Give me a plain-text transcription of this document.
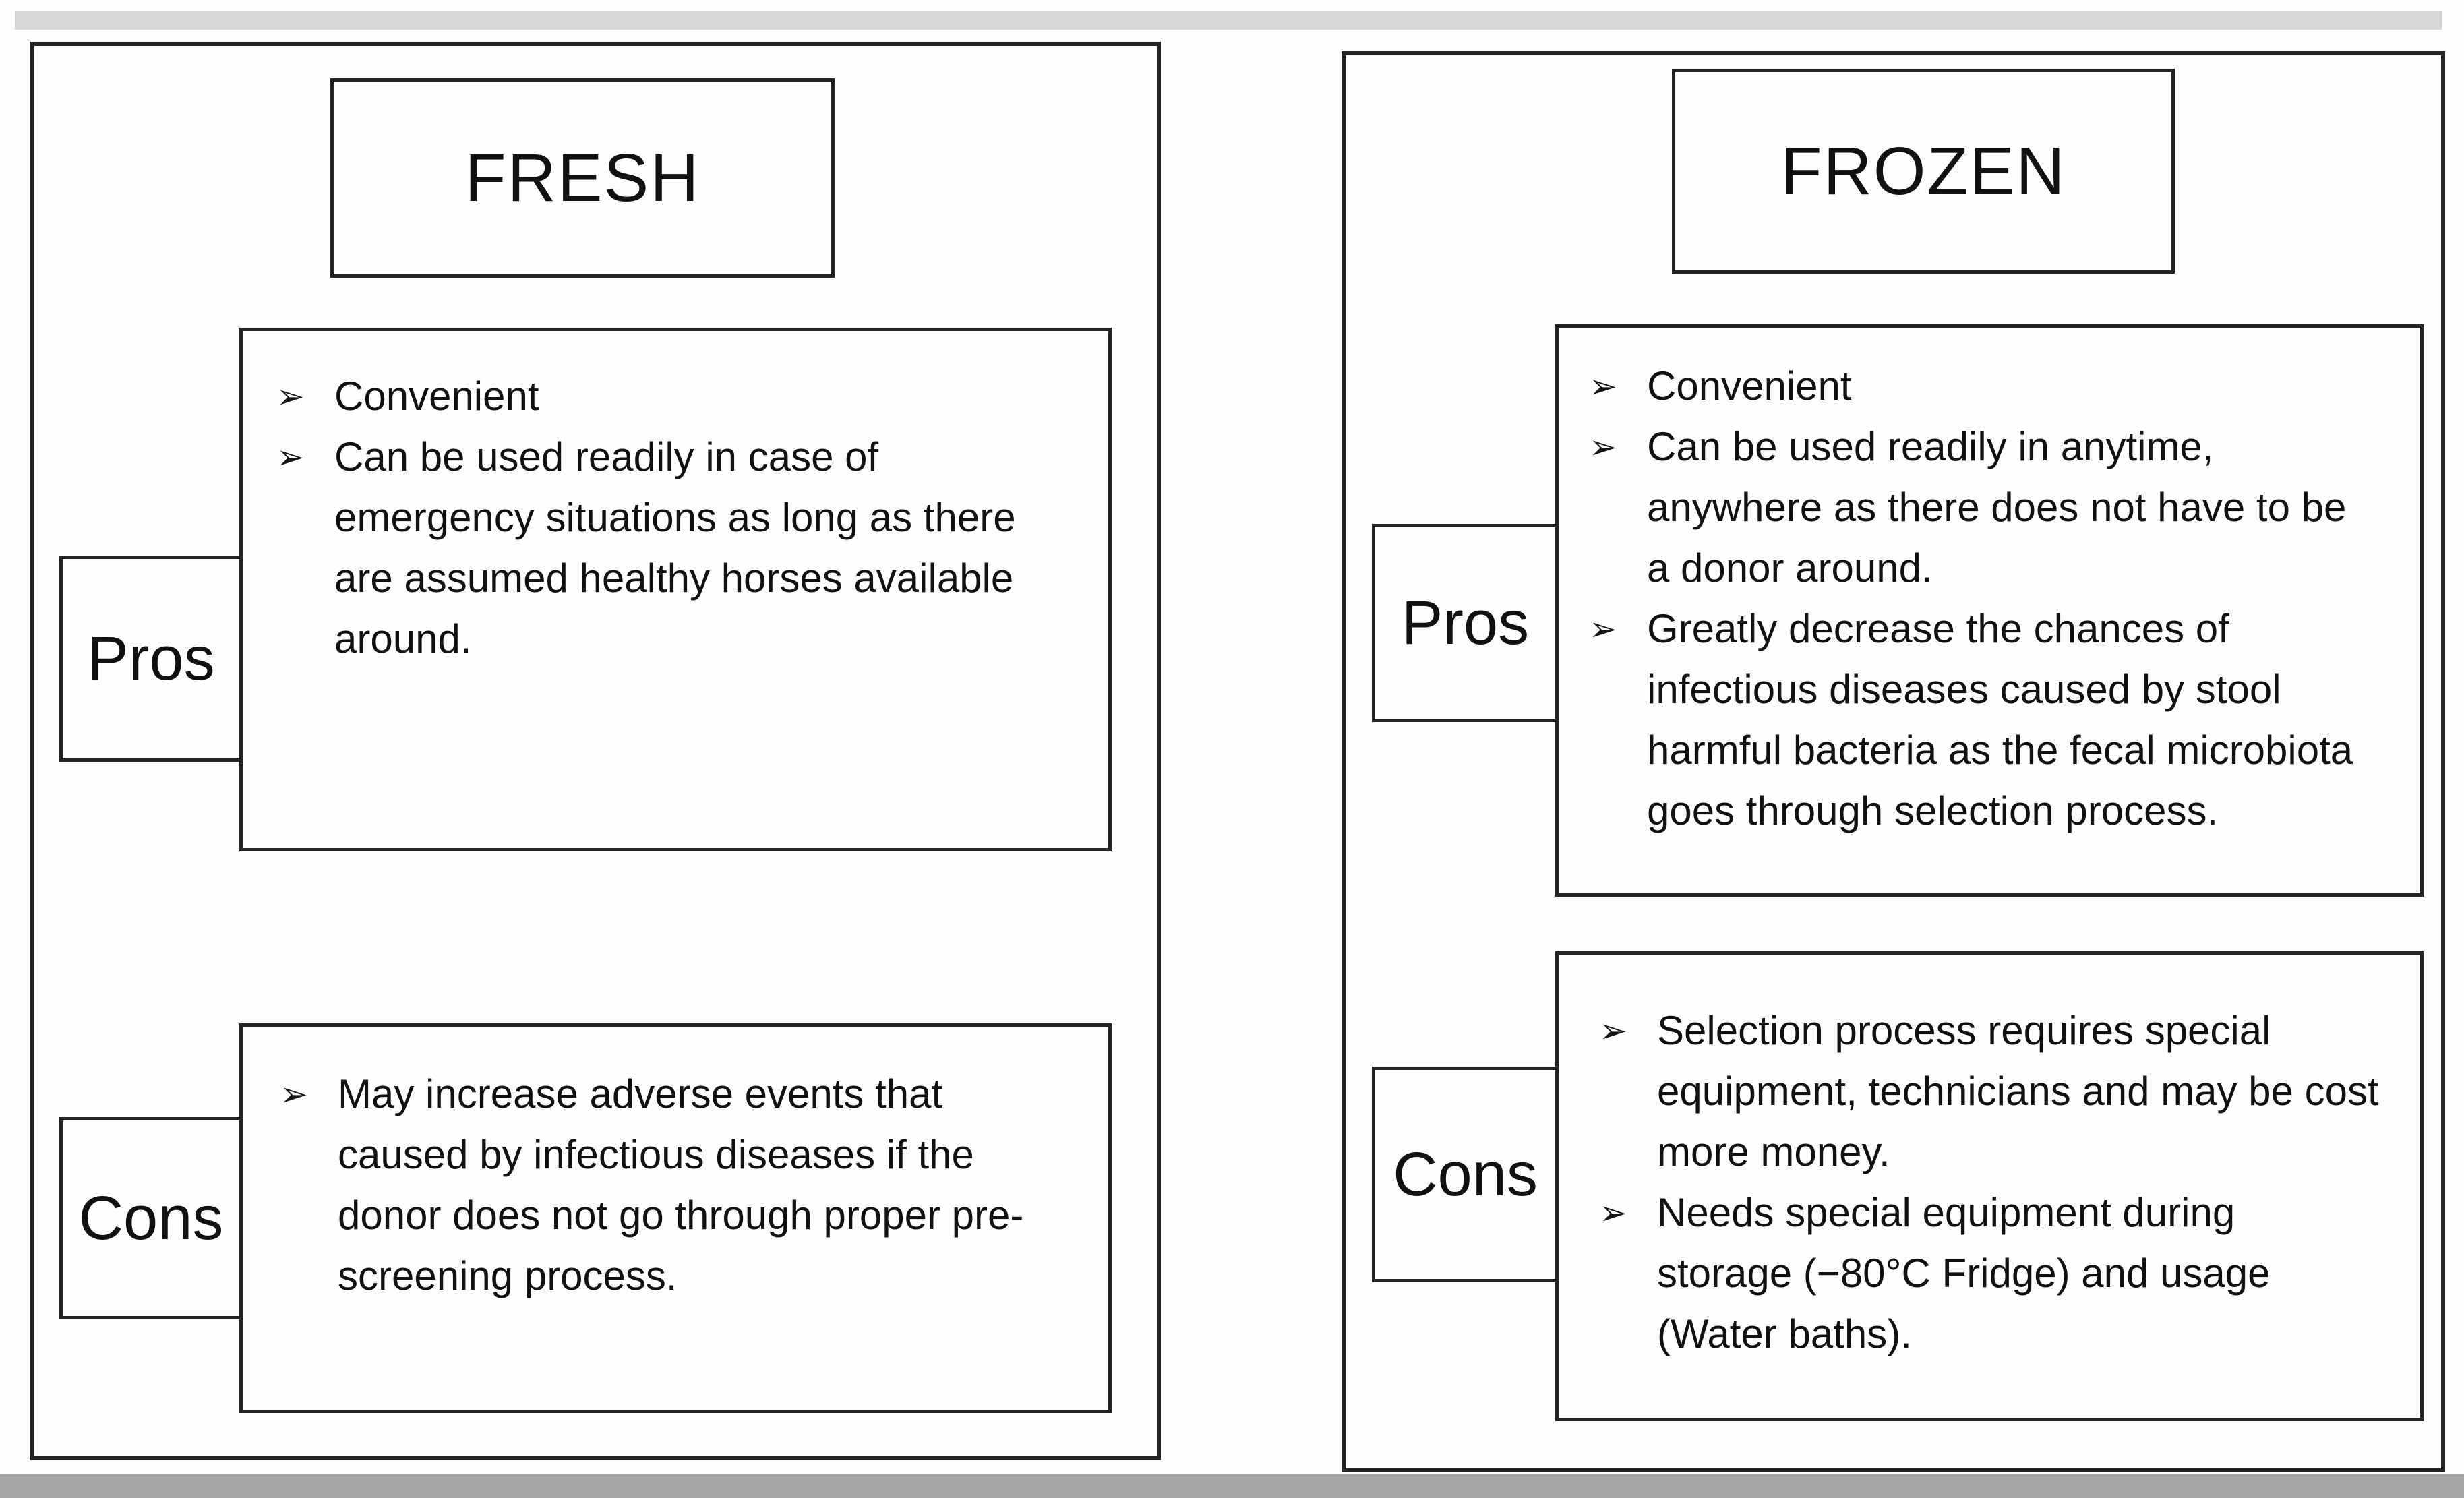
FRESH
Pros
➢ Convenient
➢ Can be used readily in case of emergency situations as long as there are assumed healthy horses available around.
Cons
➢ May increase adverse events that caused by infectious diseases if the donor does not go through proper pre-screening process.
FROZEN
Pros
➢ Convenient
➢ Can be used readily in anytime, anywhere as there does not have to be a donor around.
➢ Greatly decrease the chances of infectious diseases caused by stool harmful bacteria as the fecal microbiota goes through selection process.
Cons
➢ Selection process requires special equipment, technicians and may be cost more money.
➢ Needs special equipment during storage (−80°C Fridge) and usage (Water baths).
